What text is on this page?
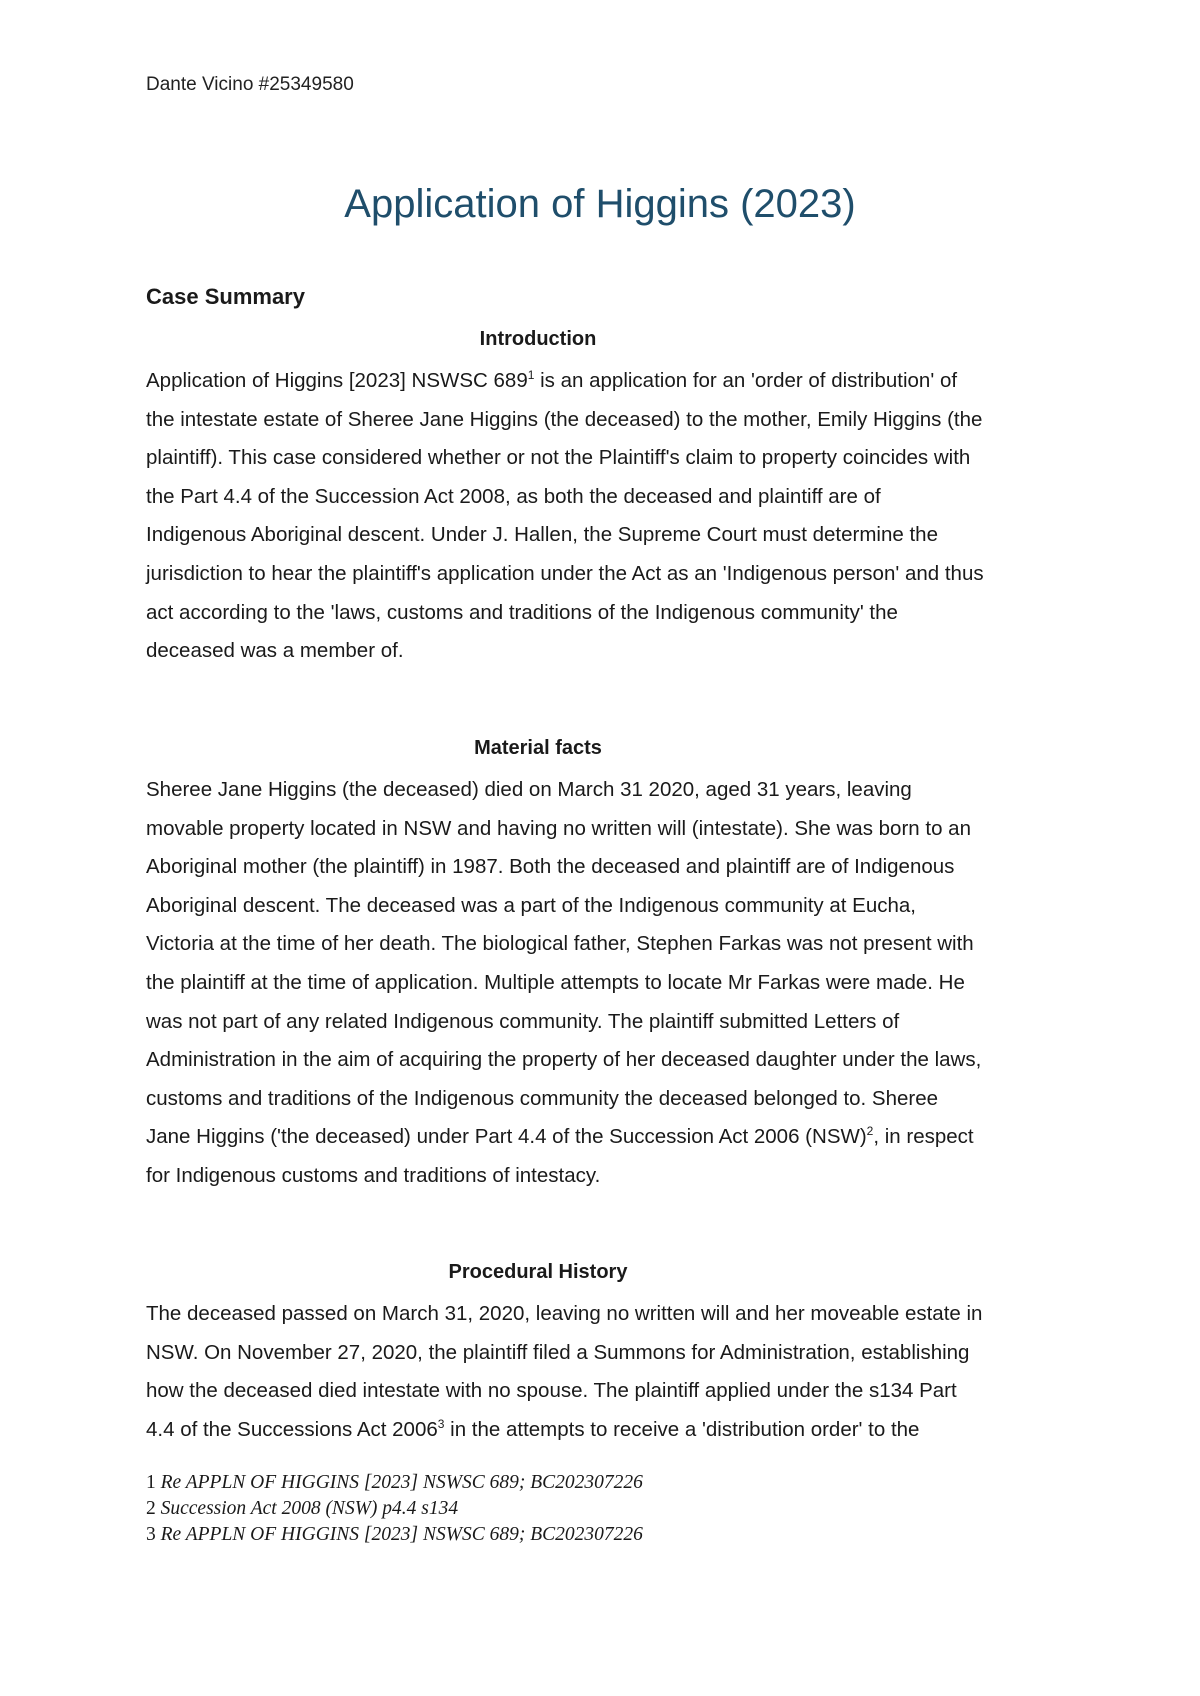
Dante Vicino #25349580
Application of Higgins (2023)
Case Summary
Introduction
Application of Higgins [2023] NSWSC $689^1$ is an application for an 'order of distribution' of
the intestate estate of Sheree Jane Higgins (the deceased) to the mother, Emily Higgins (the
plaintiff). This case considered whether or not the Plaintiff's claim to property coincides with
the Part 4.4 of the Succession Act 2008, as both the deceased and plaintiff are of
Indigenous Aboriginal descent. Under J. Hallen, the Supreme Court must determine the
jurisdiction to hear the plaintiff's application under the Act as an 'Indigenous person' and thus
act according to the 'laws, customs and traditions of the Indigenous community' the
deceased was a member of.
Material facts
Sheree Jane Higgins (the deceased) died on March 31 2020, aged 31 years, leaving
movable property located in NSW and having no written will (intestate). She was born to an
Aboriginal mother (the plaintiff) in 1987. Both the deceased and plaintiff are of Indigenous
Aboriginal descent. The deceased was a part of the Indigenous community at Eucha,
Victoria at the time of her death. The biological father, Stephen Farkas was not present with
the plaintiff at the time of application. Multiple attempts to locate Mr Farkas were made. He
was not part of any related Indigenous community. The plaintiff submitted Letters of
Administration in the aim of acquiring the property of her deceased daughter under the laws,
customs and traditions of the Indigenous community the deceased belonged to. Sheree
Jane Higgins ('the deceased) under Part 4.4 of the Succession Act 2006 (NSW)$^2$, in respect
for Indigenous customs and traditions of intestacy.
Procedural History
The deceased passed on March 31, 2020, leaving no written will and her moveable estate in
NSW. On November 27, 2020, the plaintiff filed a Summons for Administration, establishing
how the deceased died intestate with no spouse. The plaintiff applied under the s134 Part
4.4 of the Successions Act 2006$^3$ in the attempts to receive a 'distribution order' to the
1 Re APPLN OF HIGGINS [2023] NSWSC 689; BC202307226
2 Succession Act 2008 (NSW) p4.4 s134
3 Re APPLN OF HIGGINS [2023] NSWSC 689; BC202307226
